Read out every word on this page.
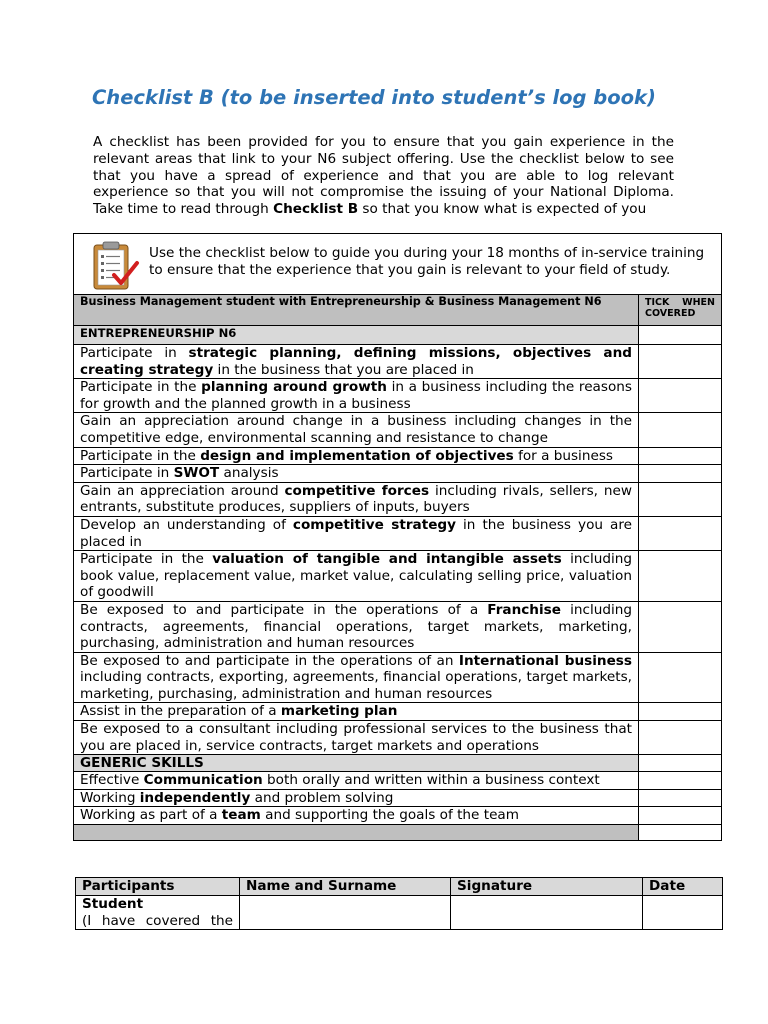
Checklist B (to be inserted into student’s log book)

A checklist has been provided for you to ensure that you gain experience in the relevant areas that link to your N6 subject offering. Use the checklist below to see that you have a spread of experience and that you are able to log relevant experience so that you will not compromise the issuing of your National Diploma. Take time to read through Checklist B so that you know what is expected of you

Use the checklist below to guide you during your 18 months of in-service training to ensure that the experience that you gain is relevant to your field of study.	

Business Management student with Entrepreneurship & Business Management N6	TICK WHEN
COVERED

ENTREPRENEURSHIP N6	
Participate in strategic planning, defining missions, objectives and creating strategy in the business that you are placed in	
Participate in the planning around growth in a business including the reasons for growth and the planned growth in a business	
Gain an appreciation around change in a business including changes in the competitive edge, environmental scanning and resistance to change	
Participate in the design and implementation of objectives for a business	
Participate in SWOT analysis	
Gain an appreciation around competitive forces including rivals, sellers, new entrants, substitute produces, suppliers of inputs, buyers	
Develop an understanding of competitive strategy in the business you are placed in	
Participate in the valuation of tangible and intangible assets including book value, replacement value, market value, calculating selling price, valuation of goodwill	
Be exposed to and participate in the operations of a Franchise including contracts, agreements, financial operations, target markets, marketing, purchasing, administration and human resources	
Be exposed to and participate in the operations of an International business including contracts, exporting, agreements, financial operations, target markets, marketing, purchasing, administration and human resources	
Assist in the preparation of a marketing plan	
Be exposed to a consultant including professional services to the business that you are placed in, service contracts, target markets and operations	
GENERIC SKILLS	
Effective Communication both orally and written within a business context	
Working independently and problem solving	
Working as part of a team and supporting the goals of the team	

Participants	Name and Surname	Signature	Date
Student

(I have covered the			
